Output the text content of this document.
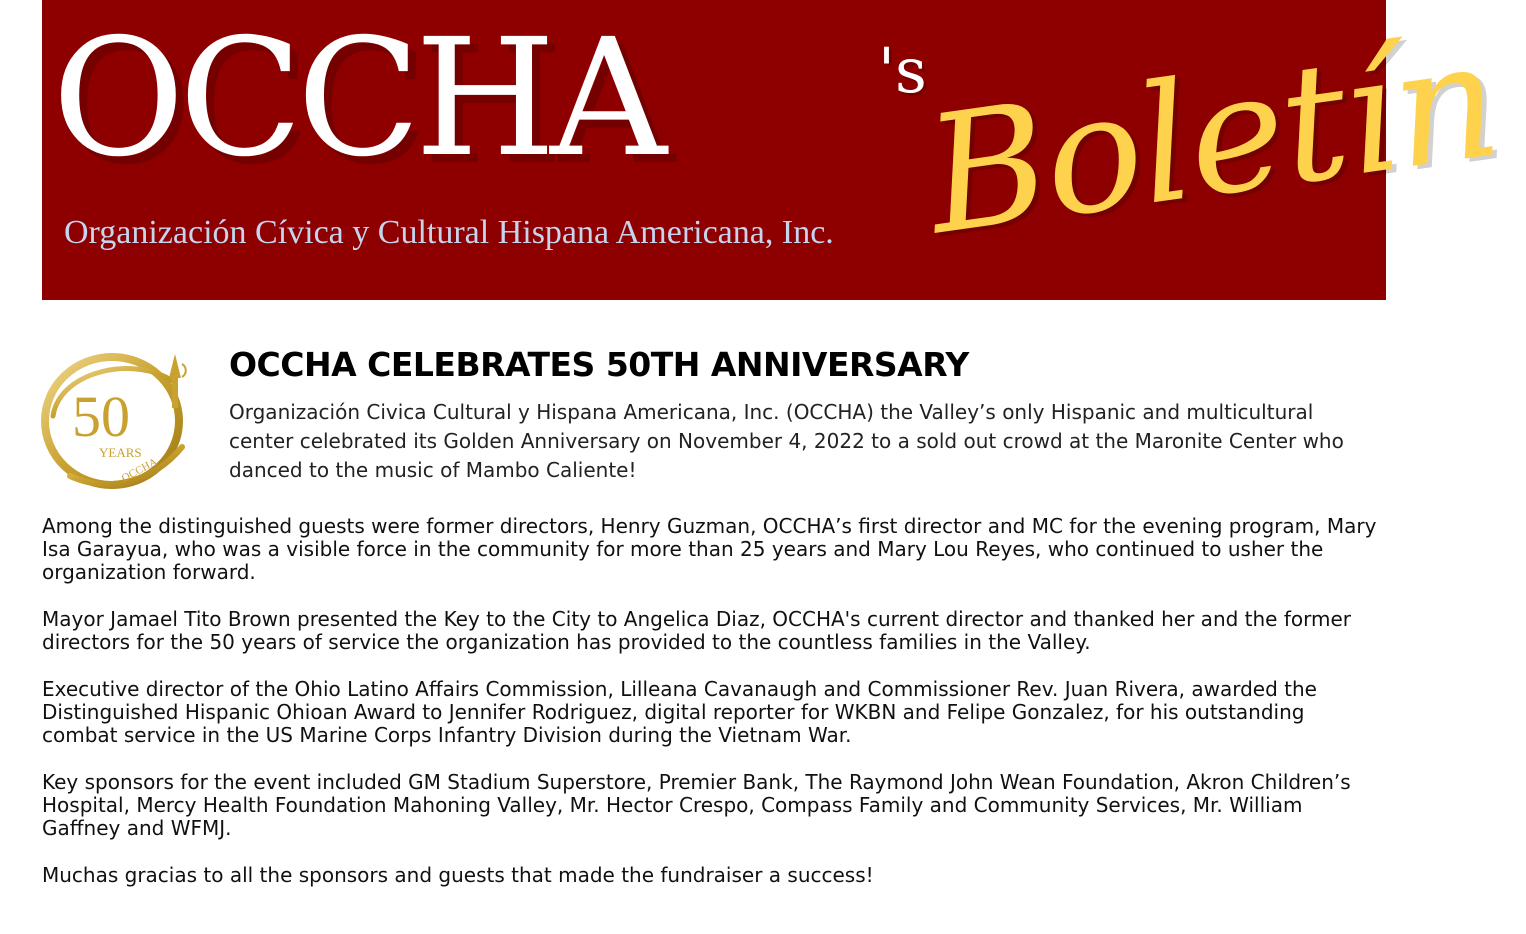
OCCHA	's
Organización Cívica y Cultural Hispana Americana, Inc. Boletín
50
YEARS
OCCHA
OCCHA CELEBRATES 50TH ANNIVERSARY
Organización Civica Cultural y Hispana Americana, Inc. (OCCHA) the Valley’s only Hispanic and multicultural center celebrated its Golden Anniversary on November 4, 2022 to a sold out crowd at the Maronite Center who danced to the music of Mambo Caliente!

Among the distinguished guests were former directors, Henry Guzman, OCCHA’s first director and MC for the evening program, Mary Isa Garayua, who was a visible force in the community for more than 25 years and Mary Lou Reyes, who continued to usher the organization forward.

Mayor Jamael Tito Brown presented the Key to the City to Angelica Diaz, OCCHA's current director and thanked her and the former directors for the 50 years of service the organization has provided to the countless families in the Valley.

Executive director of the Ohio Latino Affairs Commission, Lilleana Cavanaugh and Commissioner Rev. Juan Rivera, awarded the Distinguished Hispanic Ohioan Award to Jennifer Rodriguez, digital reporter for WKBN and Felipe Gonzalez, for his outstanding combat service in the US Marine Corps Infantry Division during the Vietnam War.

Key sponsors for the event included GM Stadium Superstore, Premier Bank, The Raymond John Wean Foundation, Akron Children’s Hospital, Mercy Health Foundation Mahoning Valley, Mr. Hector Crespo, Compass Family and Community Services, Mr. William Gaffney and WFMJ.

Muchas gracias to all the sponsors and guests that made the fundraiser a success!
